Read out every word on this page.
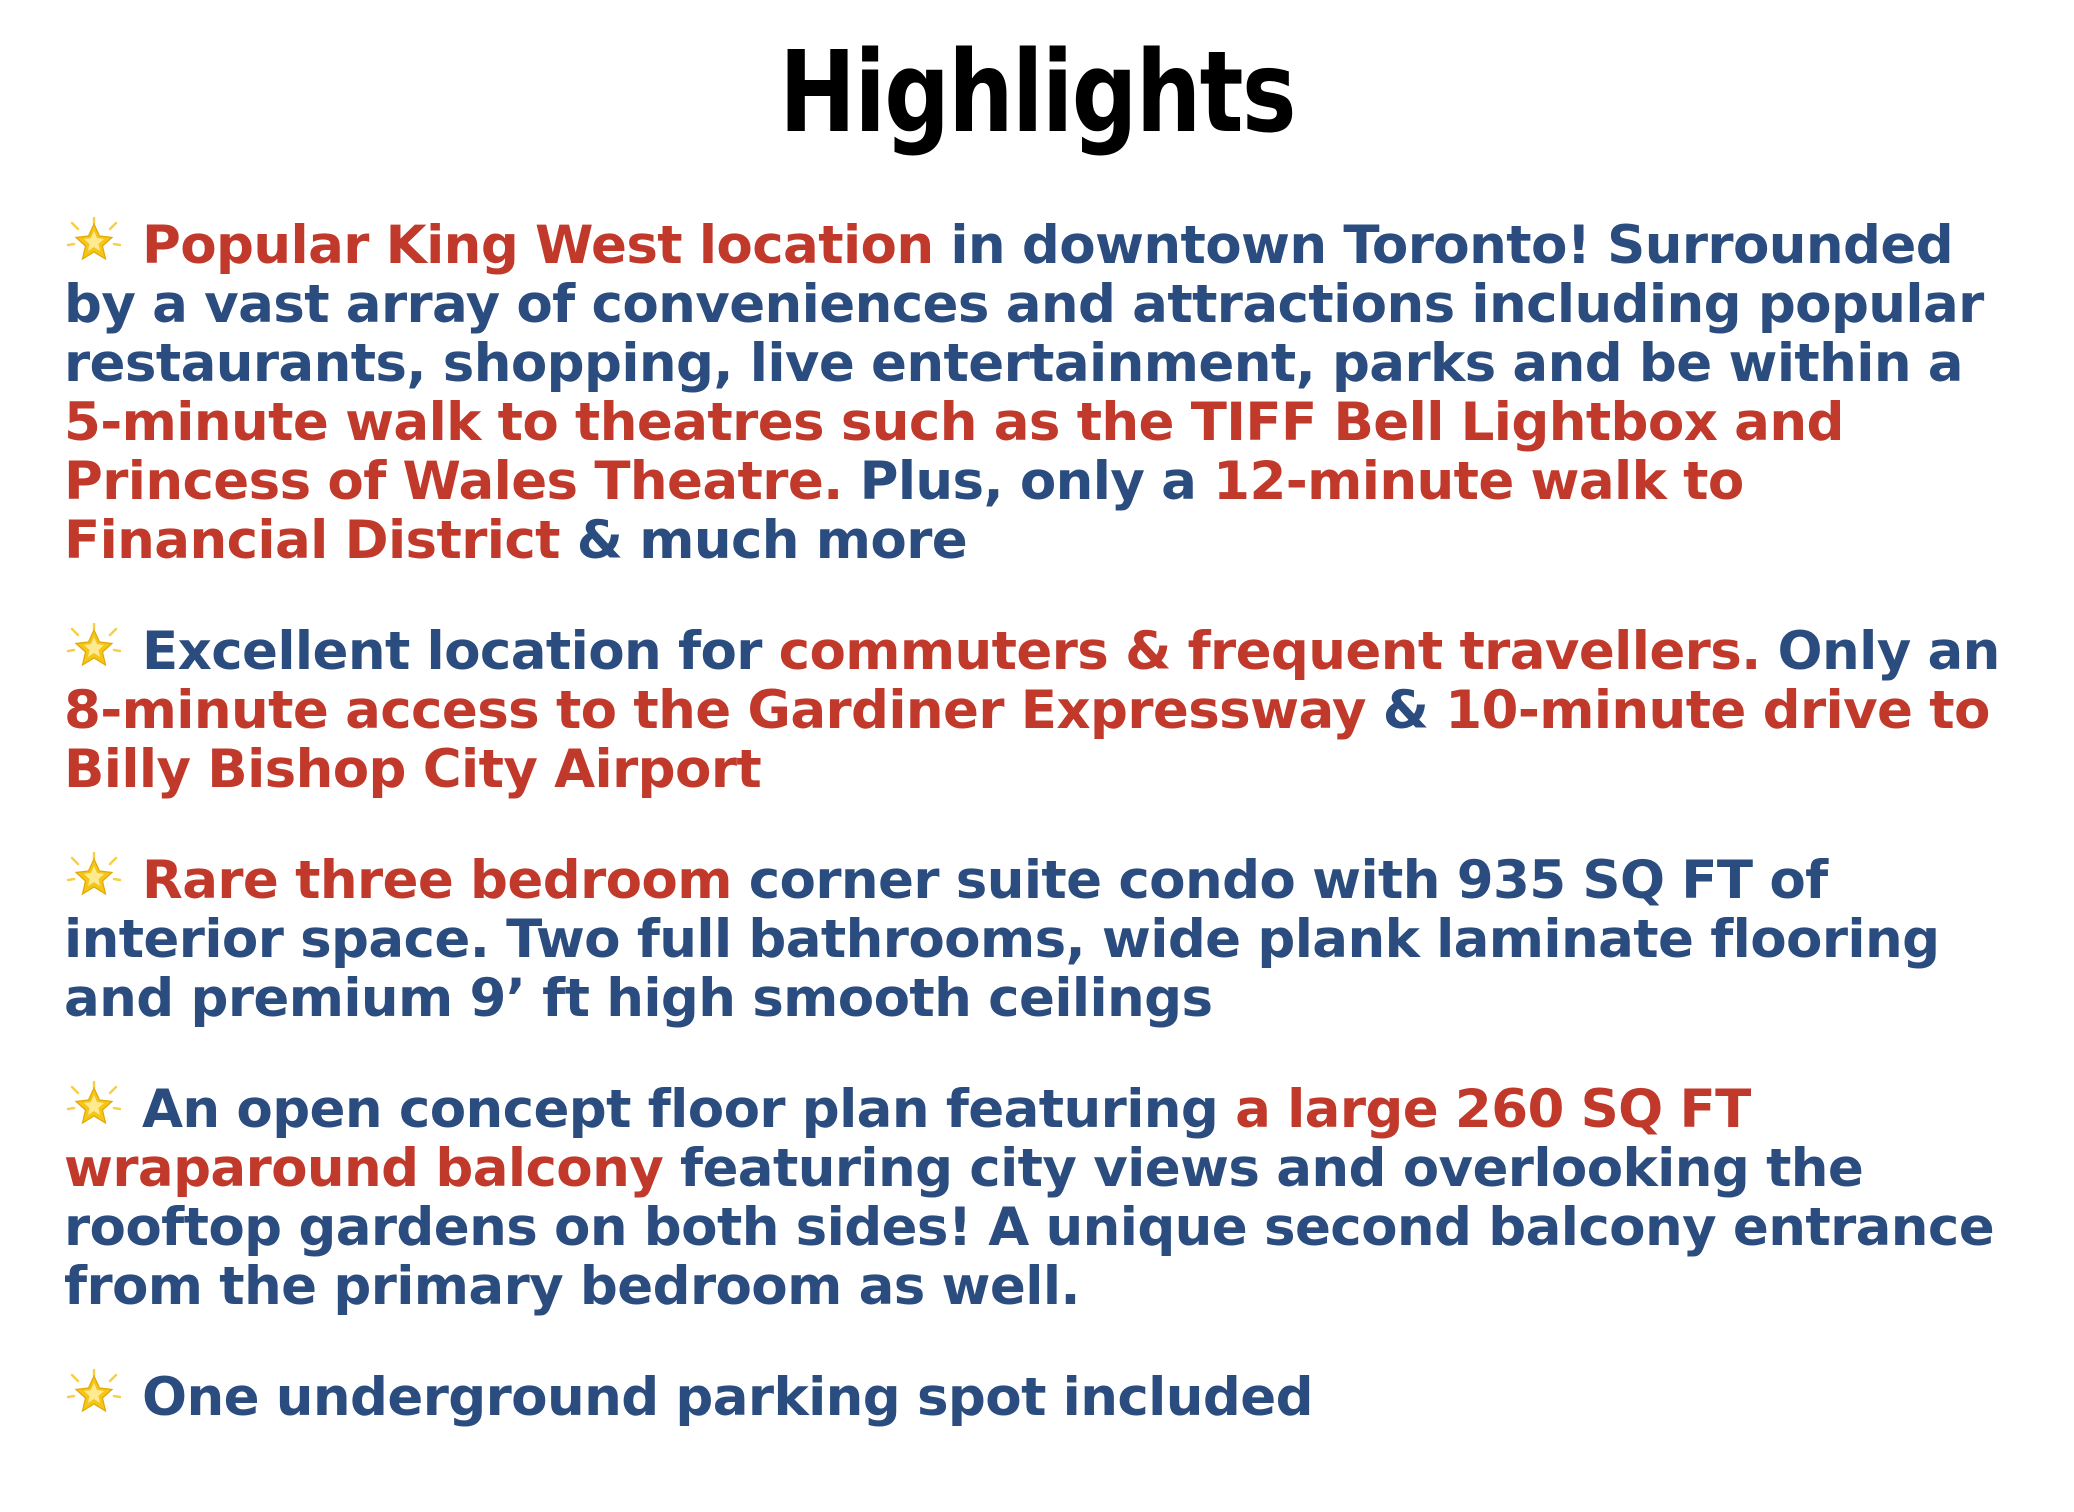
Highlights

Popular King West location in downtown Toronto! Surrounded by a vast array of conveniences and attractions including popular restaurants, shopping, live entertainment, parks and be within a 5-minute walk to theatres such as the TIFF Bell Lightbox and Princess of Wales Theatre. Plus, only a 12-minute walk to Financial District & much more

Excellent location for commuters & frequent travellers. Only an 8-minute access to the Gardiner Expressway & 10-minute drive to Billy Bishop City Airport

Rare three bedroom corner suite condo with 935 SQ FT of interior space. Two full bathrooms, wide plank laminate flooring and premium 9’ ft high smooth ceilings

An open concept floor plan featuring a large 260 SQ FT wraparound balcony featuring city views and overlooking the rooftop gardens on both sides! A unique second balcony entrance from the primary bedroom as well.

One underground parking spot included
